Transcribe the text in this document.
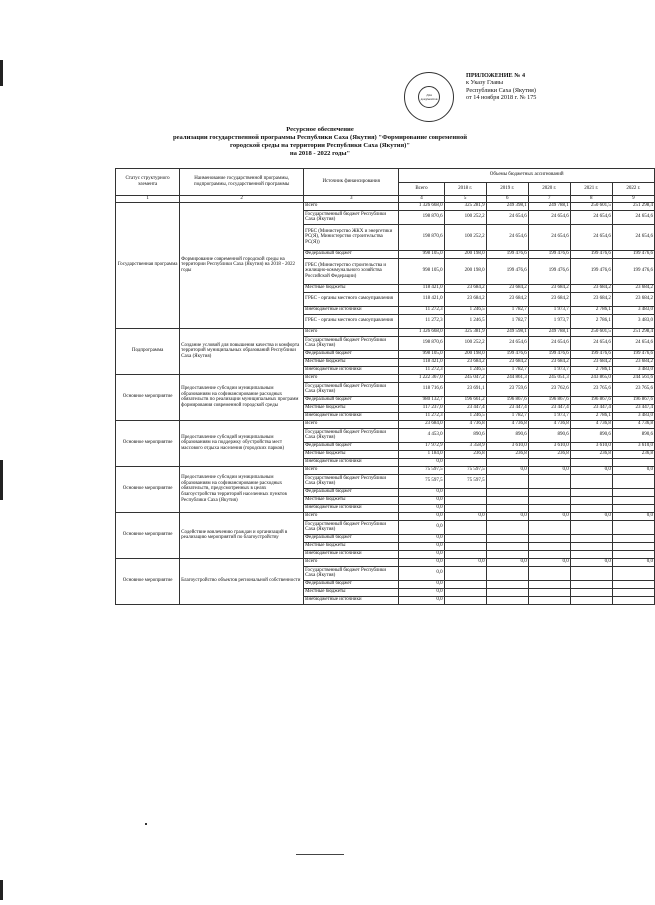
Для документов
ПРИЛОЖЕНИЕ № 4
к Указу Главы
Республики Саха (Якутия)
от 14 ноября 2018 г. № 175
Ресурсное обеспечение
реализации государственной программы Республики Саха (Якутия) "Формирование современной
городской среды на территории Республики Саха (Якутия)"
на 2018 - 2022 годы"
Статус структурного элемента	Наименование государственной программы, подпрограммы, государственной программы	Источник финансирования	Объемы бюджетных ассигнований					
			Всего	2018 г.	2019 г.	2020 г.	2021 г.	2022 г.
1	2	3	4	5	6	7	8	9
Государственная программа	Формирование современной городской среды на территории Республики Саха (Якутия) на 2018 - 2022 годы	Всего	1 326 668,0	325 281,9	249 398,1	249 788,1	250 601,5	251 298,4
		Государственный бюджет Республики Саха (Якутия)	198 870,6	100 252,2	24 654,6	24 654,6	24 654,6	24 654,6
		ГРБС (Министерство ЖКХ и энергетики РС(Я), Министерство строительства РС(Я))	198 870,6	100 252,2	24 654,6	24 654,6	24 654,6	24 654,6
		Федеральный бюджет	998 105,0	200 198,0	199 476,6	199 476,6	199 476,6	199 476,6
		ГРБС (Министерство строительства и жилищно-коммунального хозяйства Российской Федерации)	998 105,0	200 198,0	199 476,6	199 476,6	199 476,6	199 476,6
		Местные бюджеты	118 421,0	23 684,2	23 684,2	23 684,2	23 684,2	23 684,2
		ГРБС - органы местного самоуправления	118 421,0	23 684,2	23 684,2	23 684,2	23 684,2	23 684,2
		Внебюджетные источники	11 272,3	1 246,5	1 782,7	1 973,7	2 786,1	3 483,0
		ГРБС - органы местного самоуправления	11 272,3	1 246,5	1 782,7	1 973,7	2 786,1	3 483,0
Подпрограмма	Создание условий для повышения качества и комфорта территорий муниципальных образований Республики Саха (Якутия)	Всего	1 326 668,0	325 381,9	249 598,1	249 788,1	250 601,5	251 298,4
		Государственный бюджет Республики Саха (Якутия)	198 870,6	100 252,2	24 654,6	24 654,6	24 654,6	24 654,6
		Федеральный бюджет	998 105,0	200 198,0	199 476,6	199 476,6	199 476,6	199 476,6
		Местные бюджеты	118 421,0	23 684,2	23 684,2	23 684,2	23 684,2	23 684,2
		Внебюджетные источники	11 272,3	1 246,5	1 782,7	1 973,7	2 786,1	3 483,0
Основное мероприятие	Предоставление субсидии муниципальным образованиям на софинансирование расходных обязательств по реализации муниципальных программ формирования современной городской среды	Всего	1 222 367,0	245 047,2	244 861,3	245 051,3	243 865,0	244 561,6
		Государственный бюджет Республики Саха (Якутия)	118 716,6	23 691,1	23 759,6	23 762,6	23 765,6	23 765,6
		Федеральный бюджет	980 132,7	196 661,2	196 867,6	196 867,6	196 867,6	196 867,6
		Местные бюджеты	117 237,0	23 447,4	23 447,4	23 447,4	23 447,4	23 447,4
		Внебюджетные источники	11 272,3	1 246,5	1 782,7	1 973,7	2 786,1	3 483,0
Основное мероприятие	Предоставление субсидий муниципальным образованиям на поддержку обустройства мест массового отдыха населения (городских парков)	Всего	23 684,0	4 736,8	4 736,8	4 736,8	4 736,8	4 736,8
		Государственный бюджет Республики Саха (Якутия)	4 453,0	890,6	890,6	890,6	890,6	890,6
		Федеральный бюджет	17 972,9	3 358,9	3 610,0	3 610,0	3 610,0	3 610,0
		Местные бюджеты	1 184,0	236,8	236,8	236,8	236,8	236,8
		Внебюджетные источники	0,0					
Основное мероприятие	Предоставление субсидии муниципальным образованиям на софинансирование расходных обязательств, предусмотренных в целях благоустройства территорий населенных пунктов Республики Саха (Якутия)	Всего	75 597,5	75 597,5	0,0	0,0	0,0	0,0
		Государственный бюджет Республики Саха (Якутия)	75 597,5	75 597,5				
		Федеральный бюджет	0,0					
		Местные бюджеты	0,0					
		Внебюджетные источники	0,0					
Основное мероприятие	Содействие вовлечению граждан и организаций в реализацию мероприятий по благоустройству	Всего	0,0	0,0	0,0	0,0	0,0	0,0
		Государственный бюджет Республики Саха (Якутия)	0,0					
		Федеральный бюджет	0,0					
		Местные бюджеты	0,0					
		Внебюджетные источники	0,0					
Основное мероприятие	Благоустройство объектов региональной собственности	Всего	0,0	0,0	0,0	0,0	0,0	0,0
		Государственный бюджет Республики Саха (Якутия)	0,0					
		Федеральный бюджет	0,0					
		Местные бюджеты	0,0					
		Внебюджетные источники	0,0					
